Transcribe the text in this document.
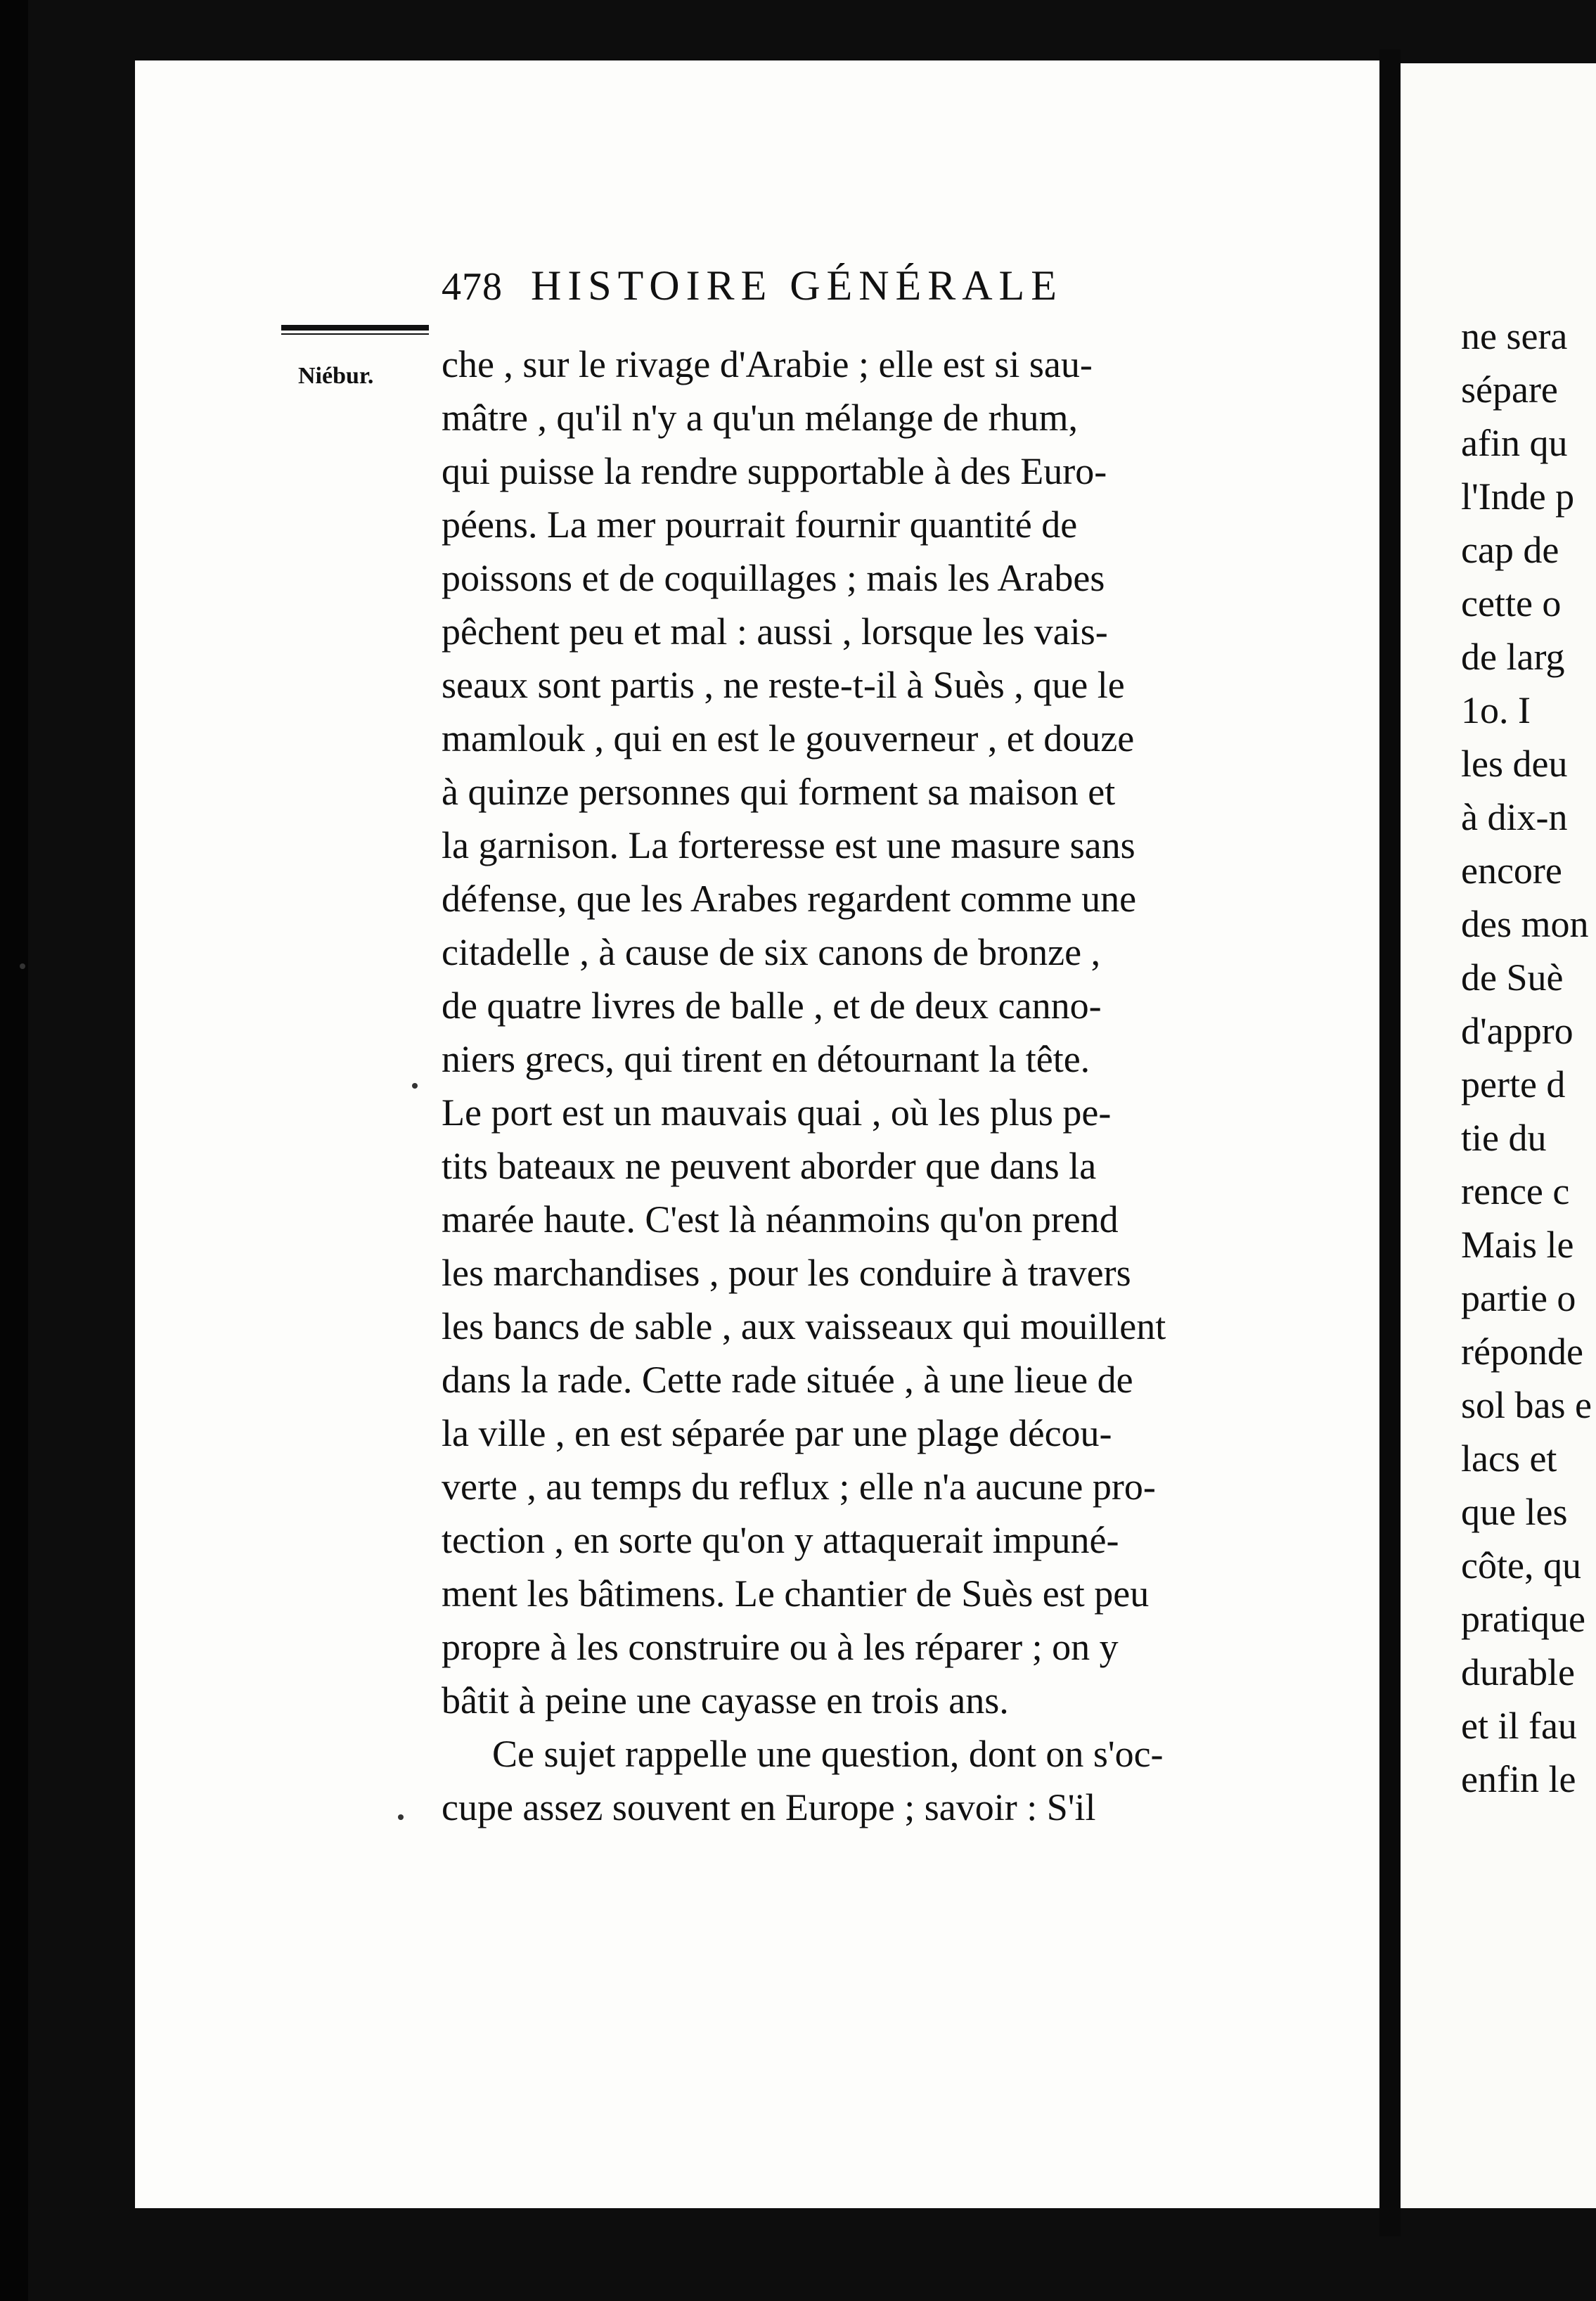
478 HISTOIRE GÉNÉRALE
Niébur. che , sur le rivage d'Arabie ; elle est si sau-
mâtre , qu'il n'y a qu'un mélange de rhum,
qui puisse la rendre supportable à des Euro-
péens. La mer pourrait fournir quantité de
poissons et de coquillages ; mais les Arabes
pêchent peu et mal : aussi , lorsque les vais-
seaux sont partis , ne reste-t-il à Suès , que le
mamlouk , qui en est le gouverneur , et douze
à quinze personnes qui forment sa maison et
la garnison. La forteresse est une masure sans
défense, que les Arabes regardent comme une
citadelle , à cause de six canons de bronze ,
de quatre livres de balle , et de deux canno-
niers grecs, qui tirent en détournant la tête.
Le port est un mauvais quai , où les plus pe-
tits bateaux ne peuvent aborder que dans la
marée haute. C'est là néanmoins qu'on prend
les marchandises , pour les conduire à travers
les bancs de sable , aux vaisseaux qui mouillent
dans la rade. Cette rade située , à une lieue de
la ville , en est séparée par une plage décou-
verte , au temps du reflux ; elle n'a aucune pro-
tection , en sorte qu'on y attaquerait impuné-
ment les bâtimens. Le chantier de Suès est peu
propre à les construire ou à les réparer ; on y
bâtit à peine une cayasse en trois ans.
Ce sujet rappelle une question, dont on s'oc-
cupe assez souvent en Europe ; savoir : S'il
ne sera
sépare
afin qu
l'Inde p
cap de
cette o
de larg
1o. I
les deu
à dix-n
encore
des mon
de Suè
d'appro
perte d
tie du
rence c
Mais le
partie o
réponde
sol bas e
lacs et
que les
côte, qu
pratique
durable
et il fau
enfin le
